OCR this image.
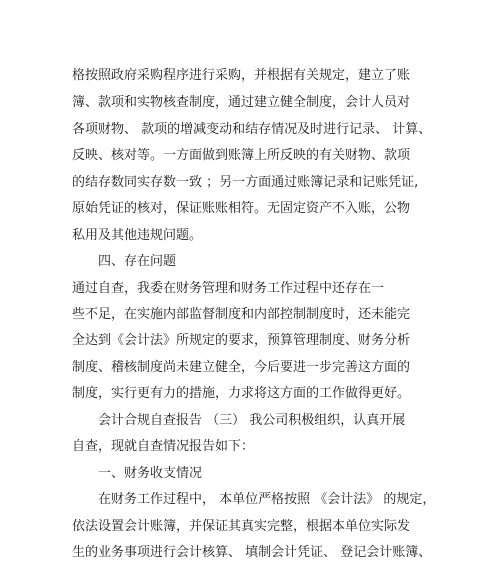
格按照政府采购程序进行采购，并根据有关规定，建立了账
簿、款项和实物核查制度，通过建立健全制度，会计人员对
各项财物、 款项的增减变动和结存情况及时进行记录、 计算、
反映、核对等。一方面做到账簿上所反映的有关财物、款项
的结存数同实存数一致 ；另一方面通过账簿记录和记账凭证,
原始凭证的核对，保证账账相符。无固定资产不入账，公物
私用及其他违规问题。
四、存在问题
通过自查，我委在财务管理和财务工作过程中还存在一
些不足，在实施内部监督制度和内部控制制度时，还未能完
全达到《会计法》所规定的要求，预算管理制度、财务分析
制度、稽核制度尚未建立健全，今后要进一步完善这方面的
制度，实行更有力的措施，力求将这方面的工作做得更好。
会计合规自查报告 （三） 我公司积极组织，认真开展
自查，现就自查情况报告如下：
一、财务收支情况
在财务工作过程中， 本单位严格按照 《会计法》 的规定，
依法设置会计账簿，并保证其真实完整，根据本单位实际发
生的业务事项进行会计核算、 填制会计凭证、 登记会计账簿、
